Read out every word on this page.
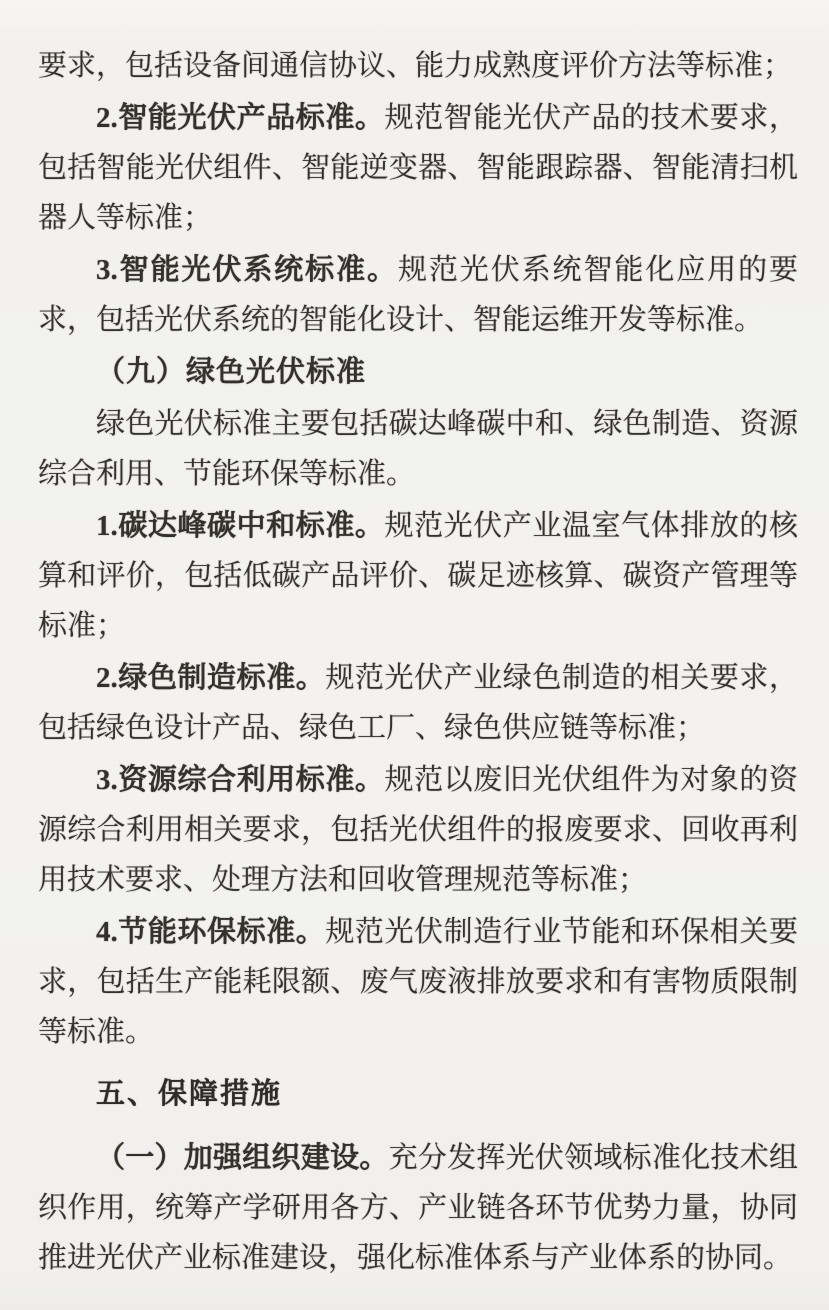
要求，包括设备间通信协议、能力成熟度评价方法等标准；

2.智能光伏产品标准。规范智能光伏产品的技术要求，包括智能光伏组件、智能逆变器、智能跟踪器、智能清扫机器人等标准；

3.智能光伏系统标准。规范光伏系统智能化应用的要求，包括光伏系统的智能化设计、智能运维开发等标准。

（九）绿色光伏标准

绿色光伏标准主要包括碳达峰碳中和、绿色制造、资源综合利用、节能环保等标准。

1.碳达峰碳中和标准。规范光伏产业温室气体排放的核算和评价，包括低碳产品评价、碳足迹核算、碳资产管理等标准；

2.绿色制造标准。规范光伏产业绿色制造的相关要求，包括绿色设计产品、绿色工厂、绿色供应链等标准；

3.资源综合利用标准。规范以废旧光伏组件为对象的资源综合利用相关要求，包括光伏组件的报废要求、回收再利用技术要求、处理方法和回收管理规范等标准；

4.节能环保标准。规范光伏制造行业节能和环保相关要求，包括生产能耗限额、废气废液排放要求和有害物质限制等标准。

五、保障措施

（一）加强组织建设。充分发挥光伏领域标准化技术组织作用，统筹产学研用各方、产业链各环节优势力量，协同推进光伏产业标准建设，强化标准体系与产业体系的协同。
